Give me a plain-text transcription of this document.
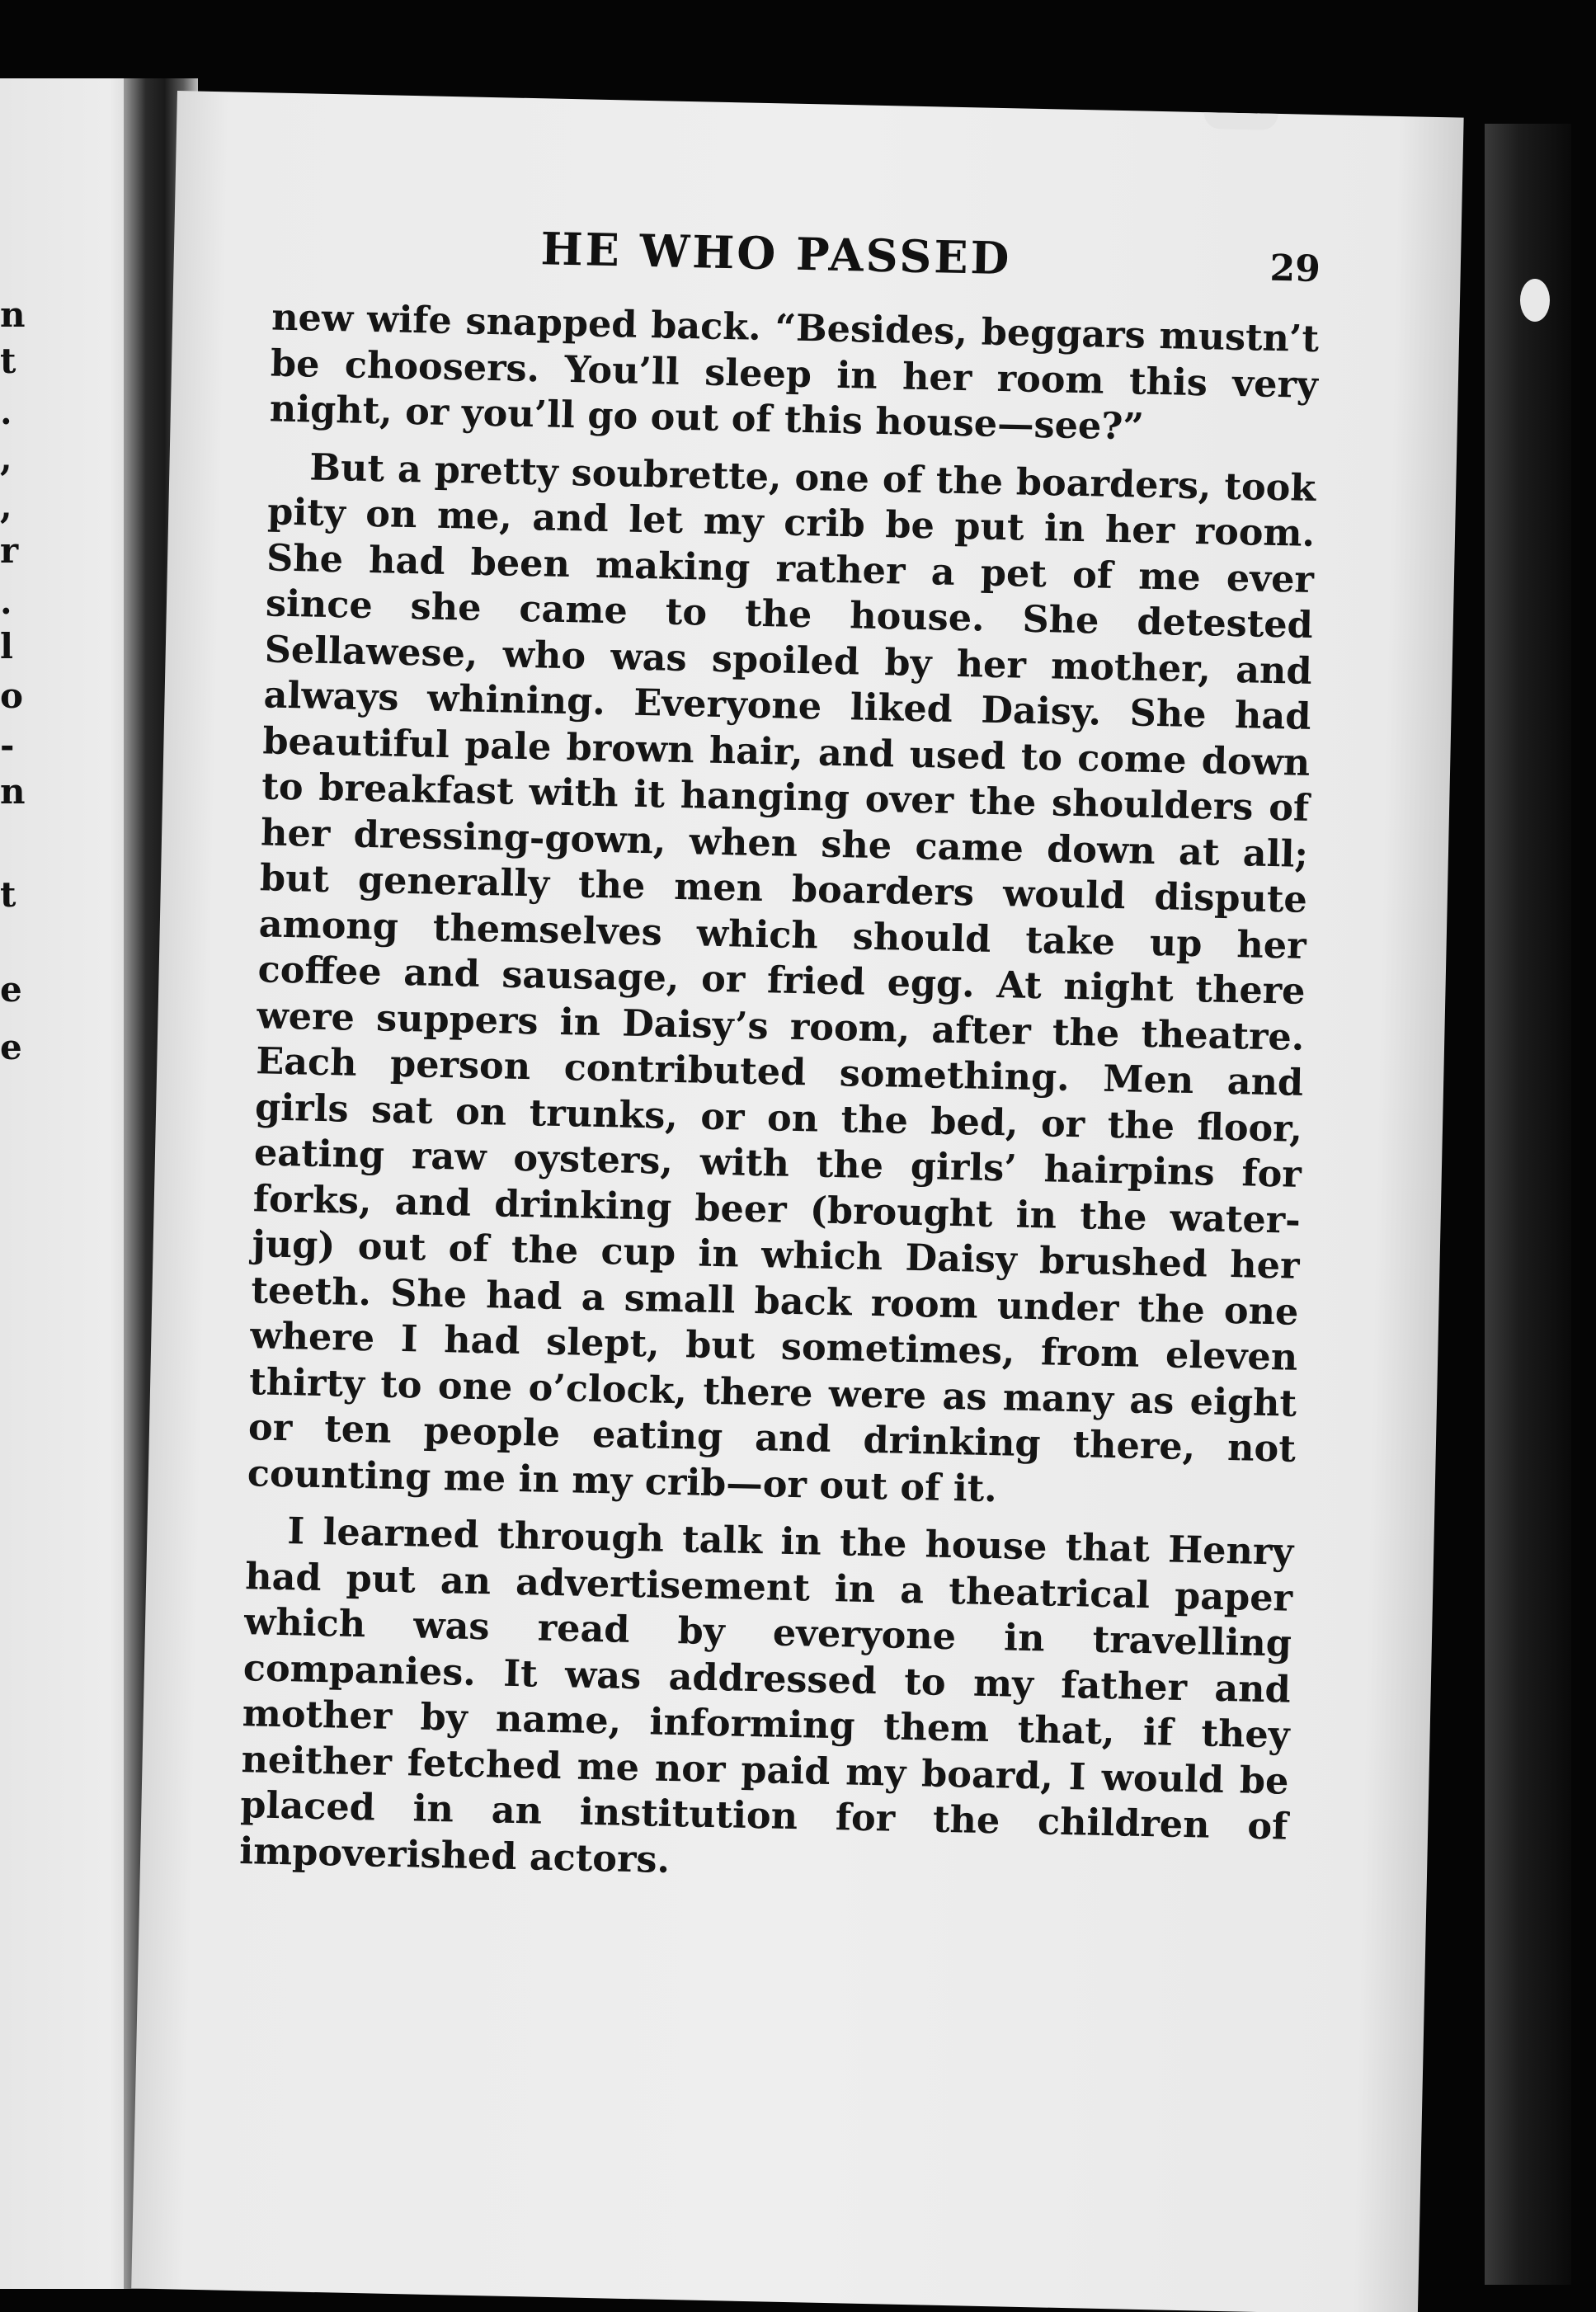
n
t
.
,
,
r
.
l
o
-
n
t
e
e
HE WHO PASSED	29

new wife snapped back. “Besides, beggars mustn’t be choosers. You’ll sleep in her room this very night, or you’ll go out of this house—see?”

But a pretty soubrette, one of the boarders, took pity on me, and let my crib be put in her room. She had been making rather a pet of me ever since she came to the house. She detested Sellawese, who was spoiled by her mother, and always whining. Everyone liked Daisy. She had beautiful pale brown hair, and used to come down to breakfast with it hanging over the shoulders of her dressing-gown, when she came down at all; but generally the men boarders would dispute among themselves which should take up her coffee and sausage, or fried egg. At night there were suppers in Daisy’s room, after the theatre. Each person contributed something. Men and girls sat on trunks, or on the bed, or the floor, eating raw oysters, with the girls’ hairpins for forks, and drinking beer (brought in the water-jug) out of the cup in which Daisy brushed her teeth. She had a small back room under the one where I had slept, but sometimes, from eleven thirty to one o’clock, there were as many as eight or ten people eating and drinking there, not counting me in my crib—or out of it.

I learned through talk in the house that Henry had put an advertisement in a theatrical paper which was read by everyone in travelling companies. It was addressed to my father and mother by name, informing them that, if they neither fetched me nor paid my board, I would be placed in an institution for the children of impoverished actors.
